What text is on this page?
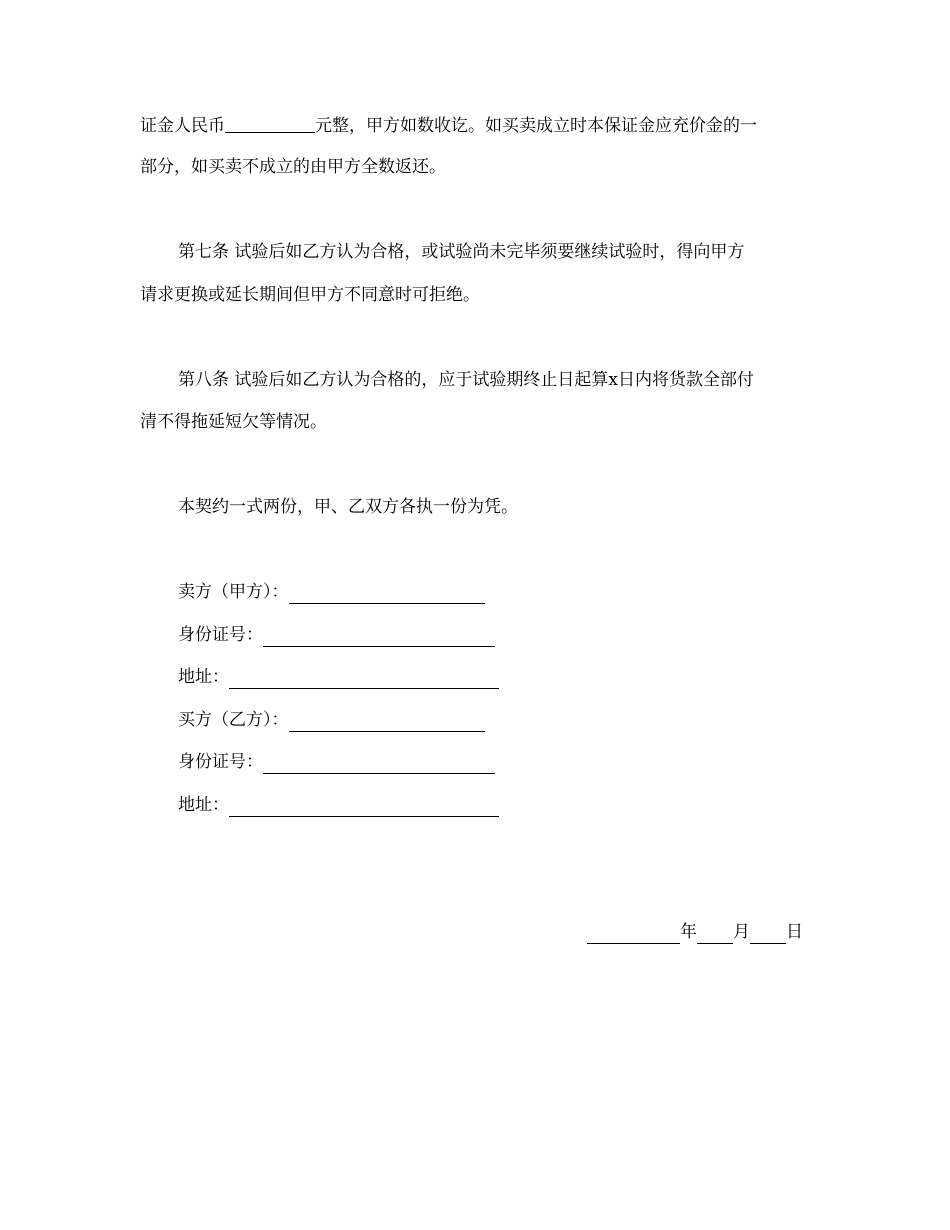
证金人民币	元整，甲方如数收讫。如买卖成立时本保证金应充价金的一

部分，如买卖不成立的由甲方全数返还。

第七条 试验后如乙方认为合格，或试验尚未完毕须要继续试验时，得向甲方

请求更换或延长期间但甲方不同意时可拒绝。

第八条 试验后如乙方认为合格的，应于试验期终止日起算x日内将货款全部付

清不得拖延短欠等情况。

本契约一式两份，甲、乙双方各执一份为凭。

卖方（甲方）：
身份证号：
地址：
买方（乙方）：
身份证号：
地址：
年 月 日
